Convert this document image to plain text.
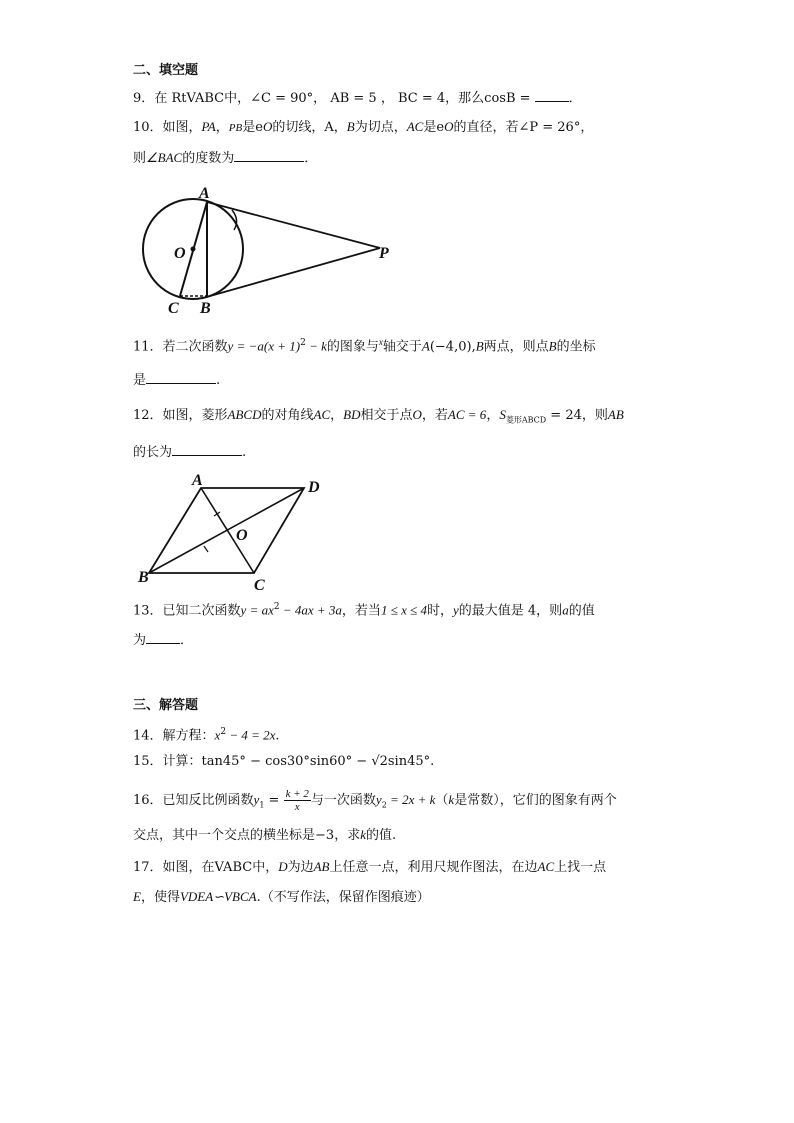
二、填空题
9．在 RtVABC中，∠C = 90°， AB = 5 ， BC = 4，那么cosB =	．
10．如图，PA，PB是eO的切线，A，B为切点，AC是eO的直径，若∠P = 26°，
则∠BAC的度数为	．
A
O
C B
P
11．若二次函数$y = -a(x + 1)^2 - k$的图象与$^x$轴交于A(−4,0),B两点，则点B的坐标
是	.
12．如图，菱形ABCD的对角线AC，BD相交于点O，若AC = 6，$S_{菱形ABCD} = 24$，则AB
的长为	.
A	D
O
B	C
13．已知二次函数$y = ax^2 - 4ax + 3a$，若当1 ≤ x ≤ 4时，y的最大值是 4，则a的值
为	．
三、解答题
14．解方程：$x^2 - 4 = 2x$.
15．计算：tan45° − cos30°sin60° − √2sin45°.
16．已知反比例函数$y_1 = \frac{k + 2}{x}$ 与一次函数$y_2 = 2x + k(k$是常数），它们的图象有两个
交点，其中一个交点的横坐标是−3，求k的值.
17．如图，在VABC中，D为边AB上任意一点，利用尺规作图法，在边AC上找一点
E，使得VDEA∽VBCA.（不写作法，保留作图痕迹）
